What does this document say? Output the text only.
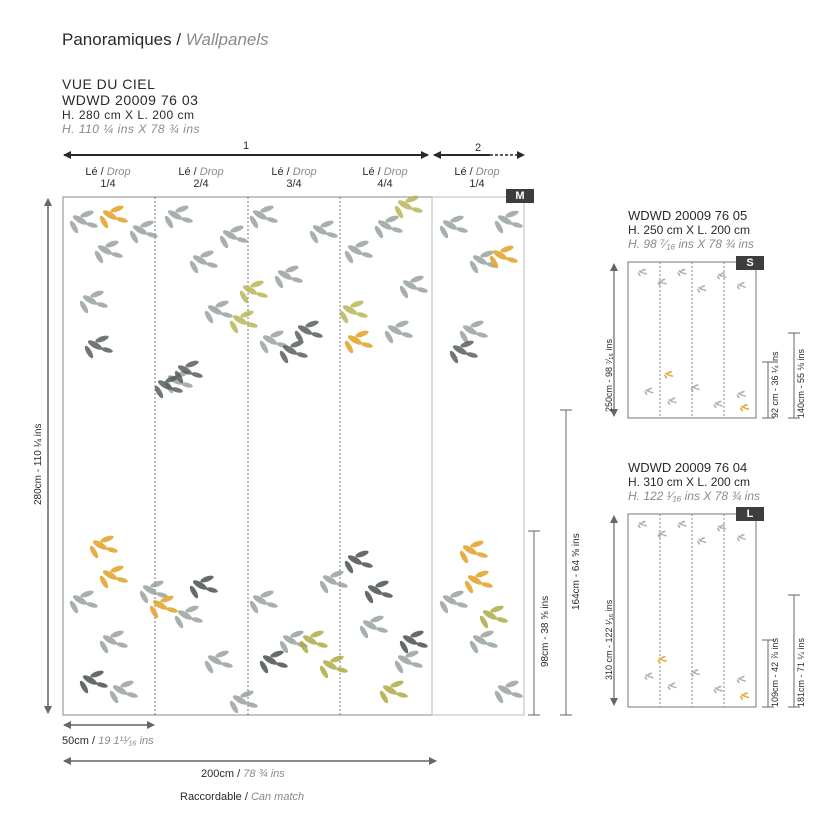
Panoramiques / Wallpanels
VUE DU CIEL
WDWD 20009 76 03
H. 280 cm X L. 200 cm
H. 110 ¼ ins X 78 ¾ ins
1	2
Lé / Drop
1/4
Lé / Drop
2/4
Lé / Drop
3/4
Lé / Drop
4/4
Lé / Drop
1/4
M
280cm - 110 ¼ ins
98cm - 38 ⅝ ins
164cm - 64 ⅝ ins
50cm / 19 1¹¹⁄₁₆ ins
200cm / 78 ¾ ins
Raccordable / Can match
WDWD 20009 76 05
H. 250 cm X L. 200 cm
H. 98 ⁷⁄₁₆ ins X 78 ¾ ins
S
250cm - 98 ⁷⁄₁₆ ins	92 cm - 36 ¼ ins 140cm - 55 ⅛ ins
WDWD 20009 76 04
H. 310 cm X L. 200 cm
H. 122 ¹⁄₁₆ ins X 78 ¾ ins
L
310 cm - 122 ¹⁄₁₆ ins	109cm - 42 ⅞ ins 181cm - 71 ¼ ins
